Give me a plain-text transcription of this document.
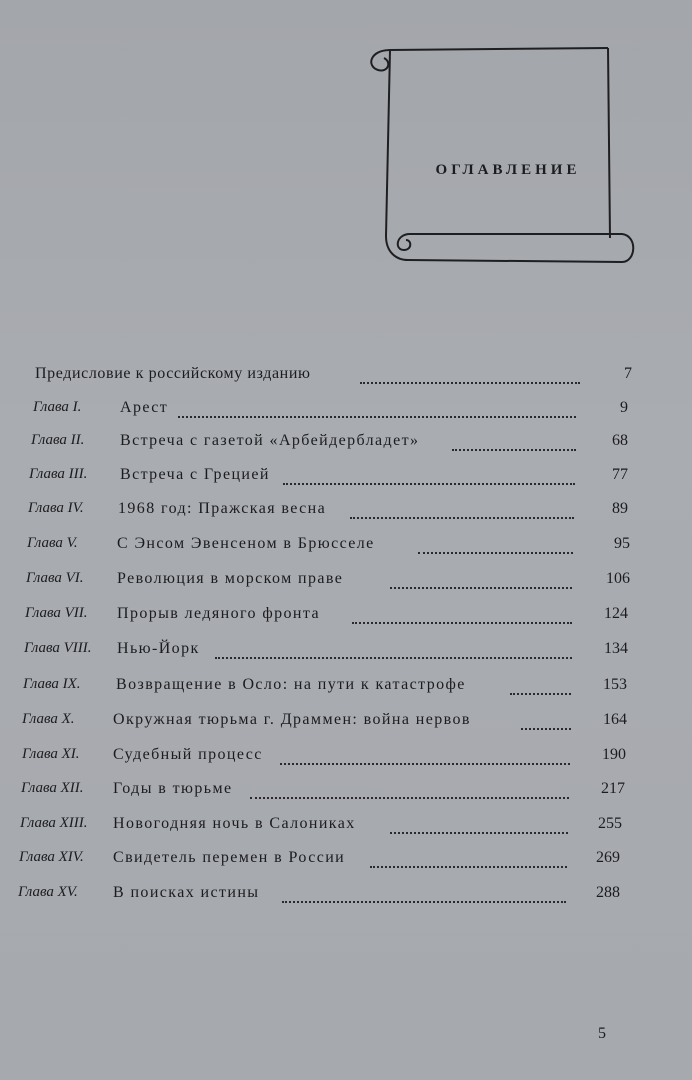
ОГЛАВЛЕНИЕ
Предисловие к российскому изданию	7
Глава I. Арест	9
Глава II. Встреча с газетой «Арбейдербладет»	68
Глава III. Встреча с Грецией	77
Глава IV. 1968 год: Пражская весна	89
Глава V. С Энсом Эвенсеном в Брюсселе	95
Глава VI. Революция в морском праве	106
Глава VII. Прорыв ледяного фронта	124
Глава VIII. Нью-Йорк	134
Глава IX. Возвращение в Осло: на пути к катастрофе	153
Глава X. Окружная тюрьма г. Драммен: война нервов	164
Глава XI. Судебный процесс	190
Глава XII. Годы в тюрьме	217
Глава XIII. Новогодняя ночь в Салониках	255
Глава XIV. Свидетель перемен в России	269
Глава XV. В поисках истины	288
5
